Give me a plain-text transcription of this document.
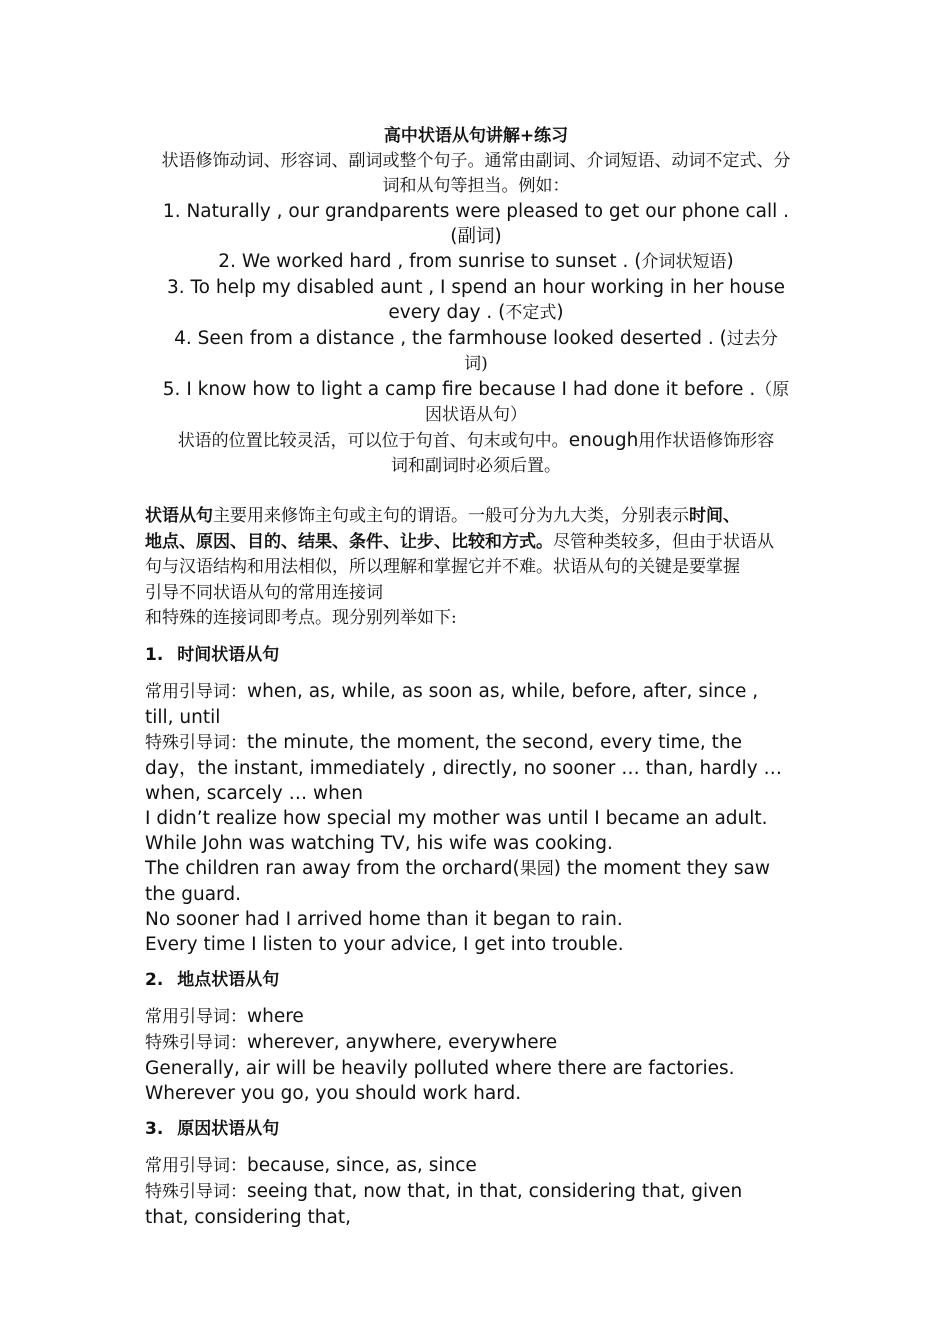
高中状语从句讲解+练习
状语修饰动词、形容词、副词或整个句子。通常由副词、介词短语、动词不定式、分
词和从句等担当。例如：
1. Naturally , our grandparents were pleased to get our phone call .
(副词)
2. We worked hard , from sunrise to sunset . (介词状短语)
3. To help my disabled aunt , I spend an hour working in her house
every day . (不定式)
4. Seen from a distance , the farmhouse looked deserted . (过去分
词)
5. I know how to light a camp fire because I had done it before .（原
因状语从句）
状语的位置比较灵活，可以位于句首、句末或句中。enough用作状语修饰形容
词和副词时必须后置。
状语从句主要用来修饰主句或主句的谓语。一般可分为九大类，分别表示时间、
地点、原因、目的、结果、条件、让步、比较和方式。尽管种类较多，但由于状语从
句与汉语结构和用法相似，所以理解和掌握它并不难。状语从句的关键是要掌握
引导不同状语从句的常用连接词
和特殊的连接词即考点。现分别列举如下:
1. 时间状语从句
常用引导词：when, as, while, as soon as, while, before, after, since ,
till, until
特殊引导词：the minute, the moment, the second, every time, the
day，the instant, immediately , directly, no sooner … than, hardly …
when, scarcely … when
I didn’t realize how special my mother was until I became an adult.
While John was watching TV, his wife was cooking.
The children ran away from the orchard(果园) the moment they saw
the guard.
No sooner had I arrived home than it began to rain.
Every time I listen to your advice, I get into trouble.
2. 地点状语从句
常用引导词：where
特殊引导词：wherever, anywhere, everywhere
Generally, air will be heavily polluted where there are factories.
Wherever you go, you should work hard.
3. 原因状语从句
常用引导词：because, since, as, since
特殊引导词：seeing that, now that, in that, considering that, given
that, considering that,
